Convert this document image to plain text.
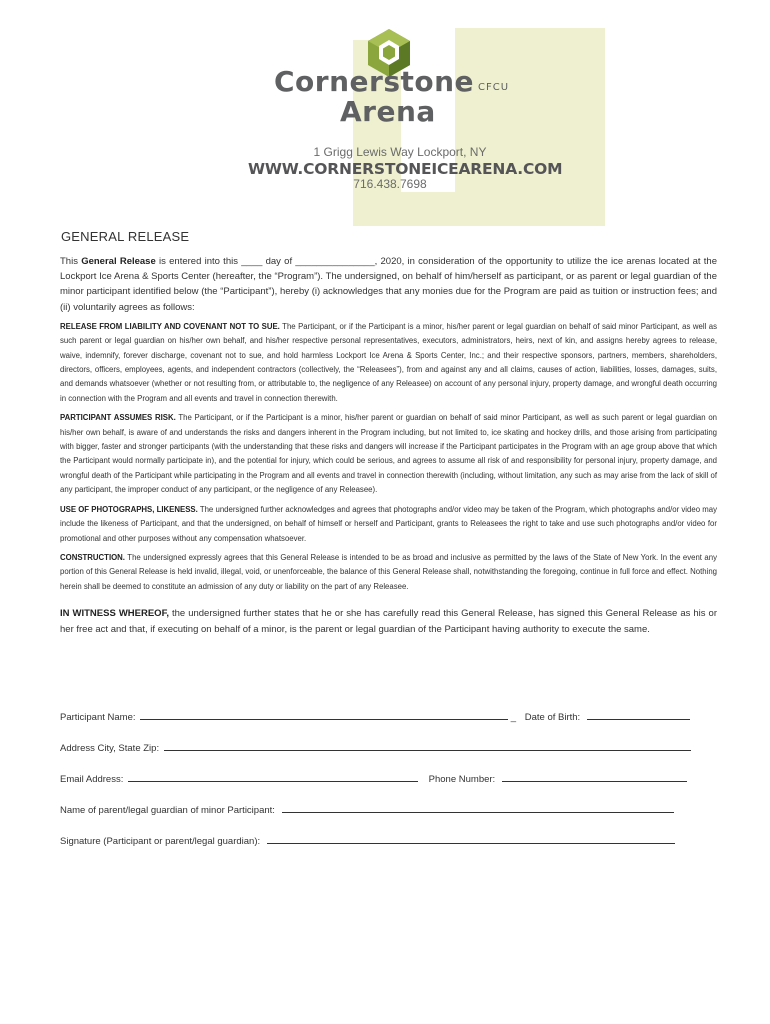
Cornerstone CFCU
Arena
1 Grigg Lewis Way Lockport, NY
WWW.CORNERSTONEICEARENA.COM
716.438.7698
GENERAL RELEASE

This General Release is entered into this ____ day of _______________, 2020, in consideration of the opportunity to utilize the ice arenas located at the Lockport Ice Arena & Sports Center (hereafter, the “Program”). The undersigned, on behalf of him/herself as participant, or as parent or legal guardian of the minor participant identified below (the “Participant”), hereby (i) acknowledges that any monies due for the Program are paid as tuition or instruction fees; and (ii) voluntarily agrees as follows:

RELEASE FROM LIABILITY AND COVENANT NOT TO SUE. The Participant, or if the Participant is a minor, his/her parent or legal guardian on behalf of said minor Participant, as well as such parent or legal guardian on his/her own behalf, and his/her respective personal representatives, executors, administrators, heirs, next of kin, and assigns hereby agrees to release, waive, indemnify, forever discharge, covenant not to sue, and hold harmless Lockport Ice Arena & Sports Center, Inc.; and their respective sponsors, partners, members, shareholders, directors, officers, employees, agents, and independent contractors (collectively, the “Releasees”), from and against any and all claims, causes of action, liabilities, losses, damages, suits, and demands whatsoever (whether or not resulting from, or attributable to, the negligence of any Releasee) on account of any personal injury, property damage, and wrongful death occurring in connection with the Program and all events and travel in connection therewith.

PARTICIPANT ASSUMES RISK. The Participant, or if the Participant is a minor, his/her parent or guardian on behalf of said minor Participant, as well as such parent or legal guardian on his/her own behalf, is aware of and understands the risks and dangers inherent in the Program including, but not limited to, ice skating and hockey drills, and those arising from participating with bigger, faster and stronger participants (with the understanding that these risks and dangers will increase if the Participant participates in the Program with an age group above that which the Participant would normally participate in), and the potential for injury, which could be serious, and agrees to assume all risk of and responsibility for personal injury, property damage, and wrongful death of the Participant while participating in the Program and all events and travel in connection therewith (including, without limitation, any such as may arise from the lack of skill of any participant, the improper conduct of any participant, or the negligence of any Releasee).

USE OF PHOTOGRAPHS, LIKENESS. The undersigned further acknowledges and agrees that photographs and/or video may be taken of the Program, which photographs and/or video may include the likeness of Participant, and that the undersigned, on behalf of himself or herself and Participant, grants to Releasees the right to take and use such photographs and/or video for promotional and other purposes without any compensation whatsoever.

CONSTRUCTION. The undersigned expressly agrees that this General Release is intended to be as broad and inclusive as permitted by the laws of the State of New York. In the event any portion of this General Release is held invalid, illegal, void, or unenforceable, the balance of this General Release shall, notwithstanding the foregoing, continue in full force and effect. Nothing herein shall be deemed to constitute an admission of any duty or liability on the part of any Releasee.

IN WITNESS WHEREOF, the undersigned further states that he or she has carefully read this General Release, has signed this General Release as his or her free act and that, if executing on behalf of a minor, is the parent or legal guardian of the Participant having authority to execute the same.

Participant Name:	_ Date of Birth:
Address City, State Zip:
Email Address:	Phone Number:
Name of parent/legal guardian of minor Participant:
Signature (Participant or parent/legal guardian):
